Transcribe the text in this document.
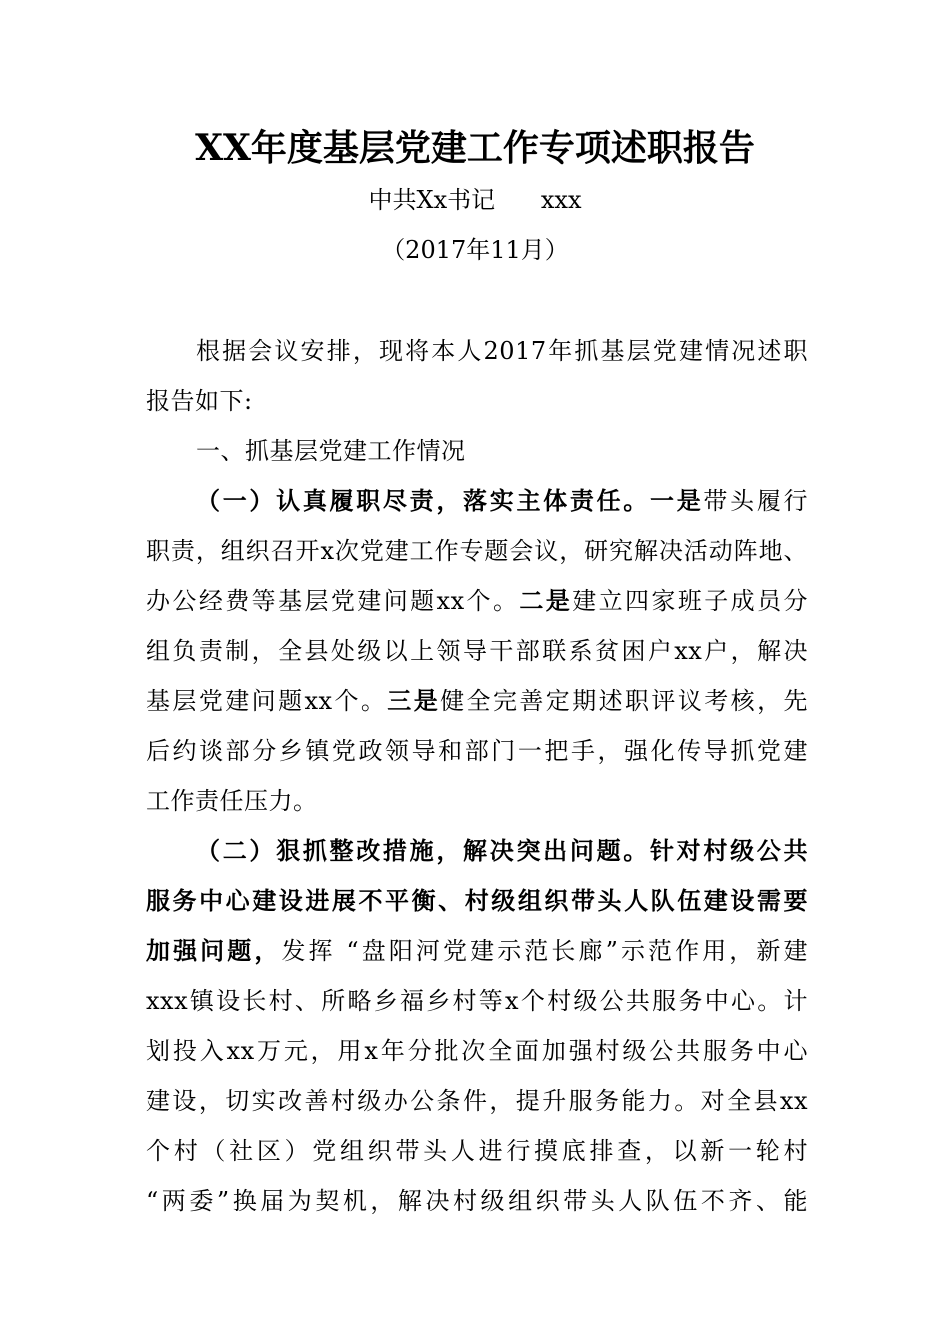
XX年度基层党建工作专项述职报告
中共Xx书记      xxx
（2017年11月）
根据会议安排，现将本人2017年抓基层党建情况述职
报告如下:
一、抓基层党建工作情况
（一）认真履职尽责，落实主体责任。一是带头履行
职责，组织召开x次党建工作专题会议，研究解决活动阵地、
办公经费等基层党建问题xx个。二是建立四家班子成员分
组负责制，全县处级以上领导干部联系贫困户xx户，解决
基层党建问题xx个。三是健全完善定期述职评议考核，先
后约谈部分乡镇党政领导和部门一把手，强化传导抓党建
工作责任压力。
（二）狠抓整改措施，解决突出问题。针对村级公共
服务中心建设进展不平衡、村级组织带头人队伍建设需要
加强问题，发挥 “盘阳河党建示范长廊”示范作用，新建
xxx镇设长村、所略乡福乡村等x个村级公共服务中心。计
划投入xx万元，用x年分批次全面加强村级公共服务中心
建设，切实改善村级办公条件，提升服务能力。对全县xx
个村（社区）党组织带头人进行摸底排查，以新一轮村
“两委”换届为契机，解决村级组织带头人队伍不齐、能
